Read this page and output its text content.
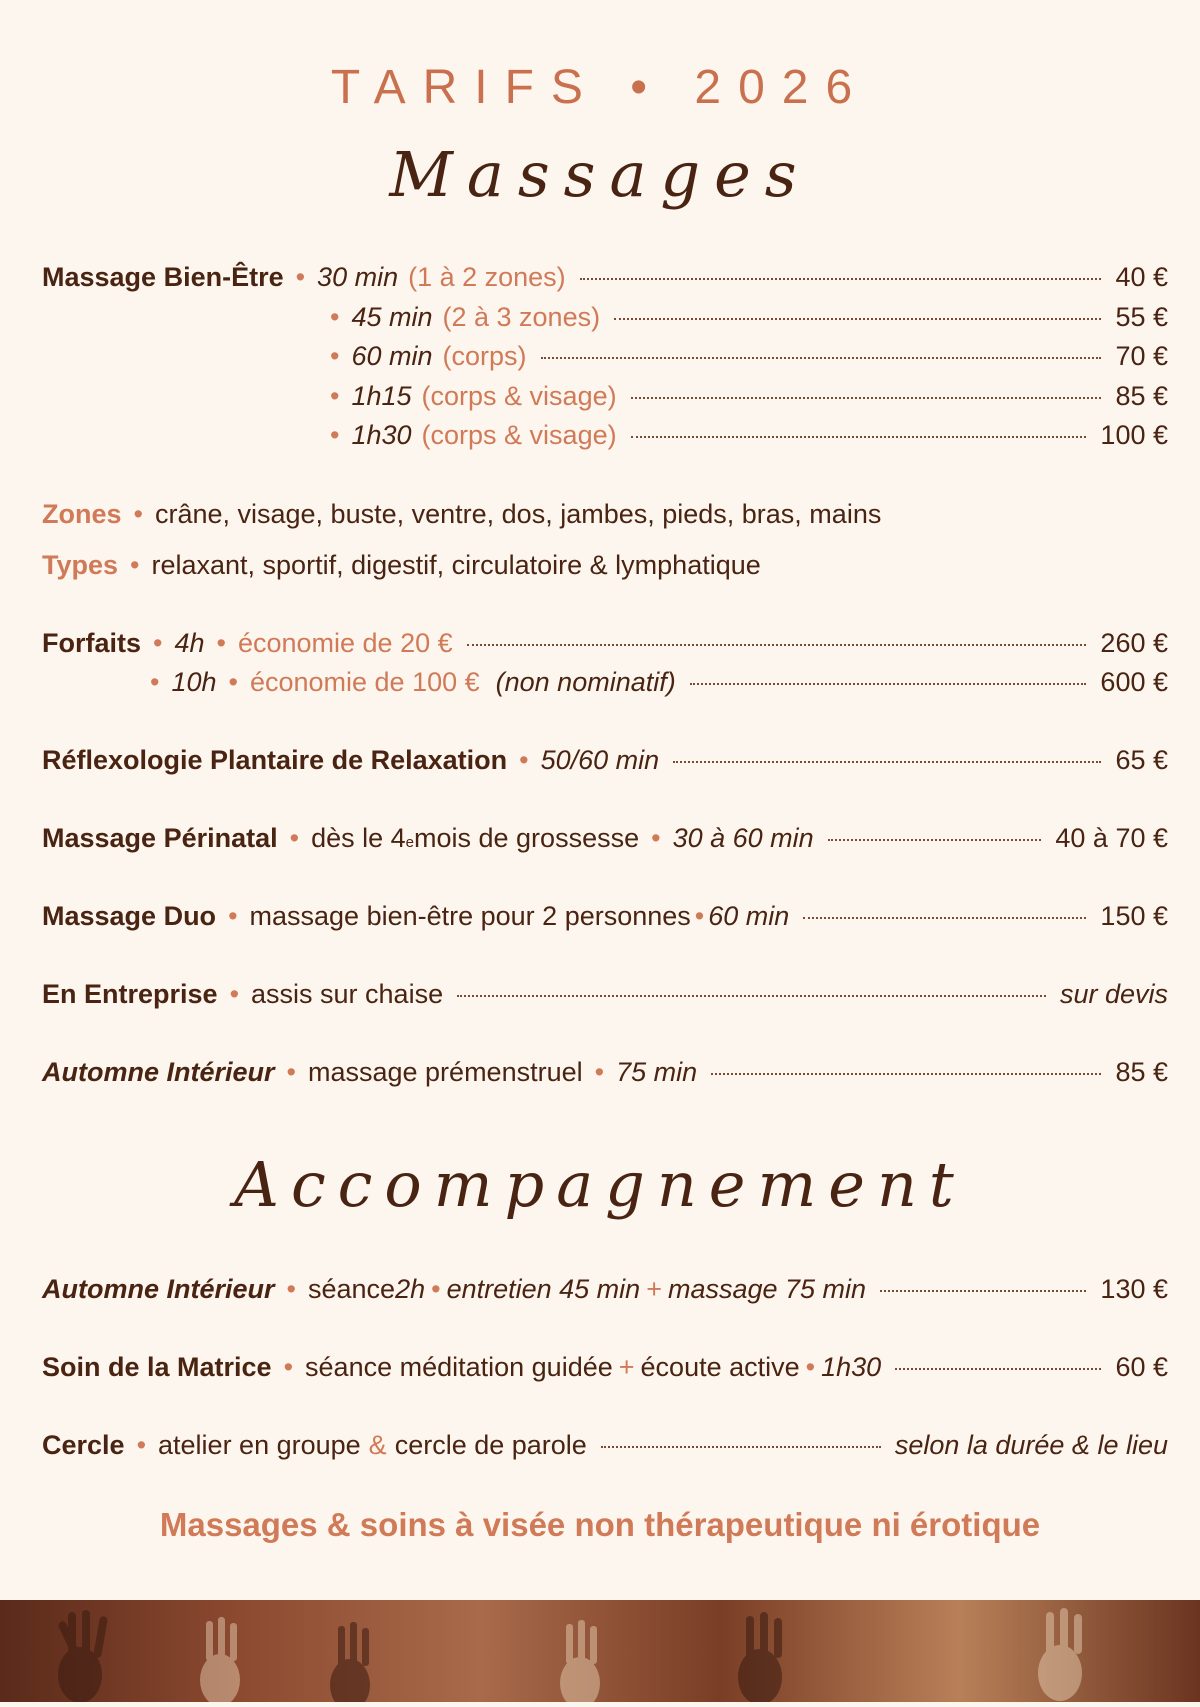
TARIFS • 2026
Massages
Massage Bien-Être • 30 min (1 à 2 zones)	40 €
• 45 min (2 à 3 zones)	55 €
• 60 min (corps)	70 €
• 1h15 (corps & visage)	85 €
• 1h30 (corps & visage)	100 €
Zones • crâne, visage, buste, ventre, dos, jambes, pieds, bras, mains
Types • relaxant, sportif, digestif, circulatoire & lymphatique
Forfaits • 4h • économie de 20 €	260 €
• 10h • économie de 100 € (non nominatif)	600 €
Réflexologie Plantaire de Relaxation • 50/60 min	65 €
Massage Périnatal • dès le 4 e mois de grossesse • 30 à 60 min	40 à 70 €
Massage Duo • massage bien-être pour 2 personnes • 60 min	150 €
En Entreprise • assis sur chaise	sur devis
Automne Intérieur • massage prémenstruel • 75 min	85 €
Accompagnement
Automne Intérieur • séance 2h • entretien 45 min + massage 75 min	130 €
Soin de la Matrice • séance méditation guidée + écoute active • 1h30	60 €
Cercle • atelier en groupe & cercle de parole	selon la durée & le lieu
Massages & soins à visée non thérapeutique ni érotique
